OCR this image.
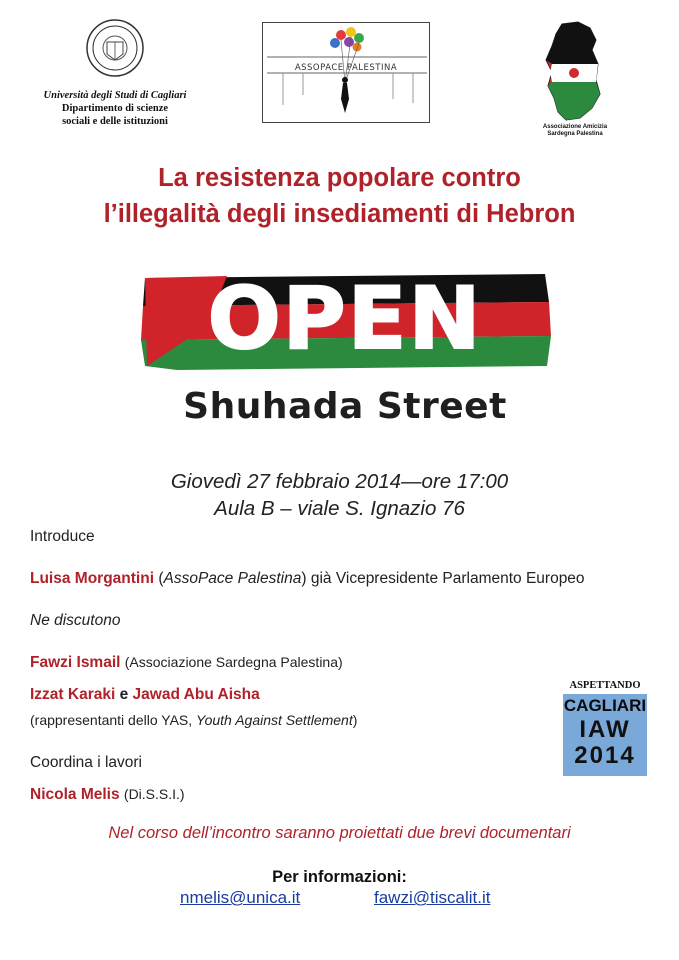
Università degli Studi di Cagliari
Dipartimento di scienze
sociali e delle istituzioni
ASSOPACE PALESTINA
Associazione Amicizia
Sardegna Palestina
La resistenza popolare contro
l’illegalità degli insediamenti di Hebron
OPEN
Shuhada Street
Giovedì 27 febbraio 2014—ore 17:00
Aula B – viale S. Ignazio 76
Introduce
Luisa Morgantini (AssoPace Palestina) già Vicepresidente Parlamento Europeo
Ne discutono
Fawzi Ismail (Associazione Sardegna Palestina)
Izzat Karaki e Jawad Abu Aisha
(rappresentanti dello YAS, Youth Against Settlement)
Coordina i lavori
Nicola Melis (Di.S.S.I.)
ASPETTANDO
CAGLIARI
IAW
2014
Nel corso dell’incontro saranno proiettati due brevi documentari
Per informazioni:
nmelis@unica.it	fawzi@tiscalit.it
